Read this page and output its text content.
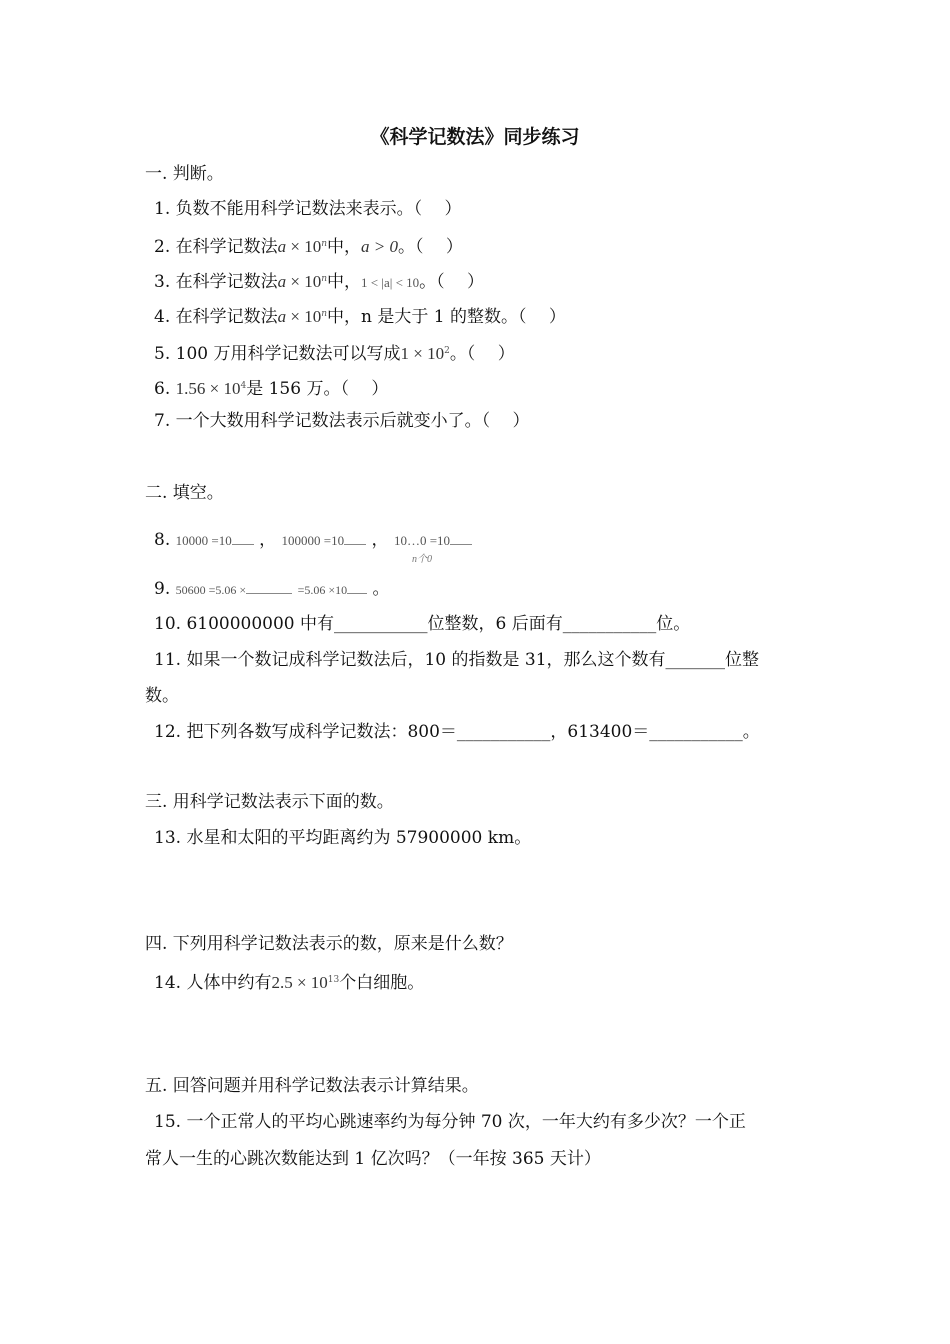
《科学记数法》同步练习
一. 判断。
1. 负数不能用科学记数法来表示。（　 ）
2. 在科学记数法$a \times 10^n$中，a > 0。（　 ）
3. 在科学记数法$a \times 10^n$中，1 < |a| < 10。（　 ）
4. 在科学记数法$a \times 10^n$中，n 是大于 1 的整数。（　 ）
5. 100 万用科学记数法可以写成$1 \times 10^2$。（　 ）
6. $1.56 \times 10^4$是 156 万。（　 ）
7. 一个大数用科学记数法表示后就变小了。（　 ）
二. 填空。
8. 10000 =10 ， 100000 =10 ， 10…0 =10
n个0
9. 50600 =5.06 ×	=5.06 ×10 。
10. 6100000000 中有___________位整数，6 后面有___________位。
11. 如果一个数记成科学记数法后，10 的指数是 31，那么这个数有_______位整
数。
12. 把下列各数写成科学记数法：800＝___________，613400＝___________。
三. 用科学记数法表示下面的数。
13. 水星和太阳的平均距离约为 57900000 km。
四. 下列用科学记数法表示的数，原来是什么数？
14. 人体中约有$2.5 \times 10^{13}$个白细胞。
五. 回答问题并用科学记数法表示计算结果。
15. 一个正常人的平均心跳速率约为每分钟 70 次，一年大约有多少次？一个正
常人一生的心跳次数能达到 1 亿次吗？（一年按 365 天计）
